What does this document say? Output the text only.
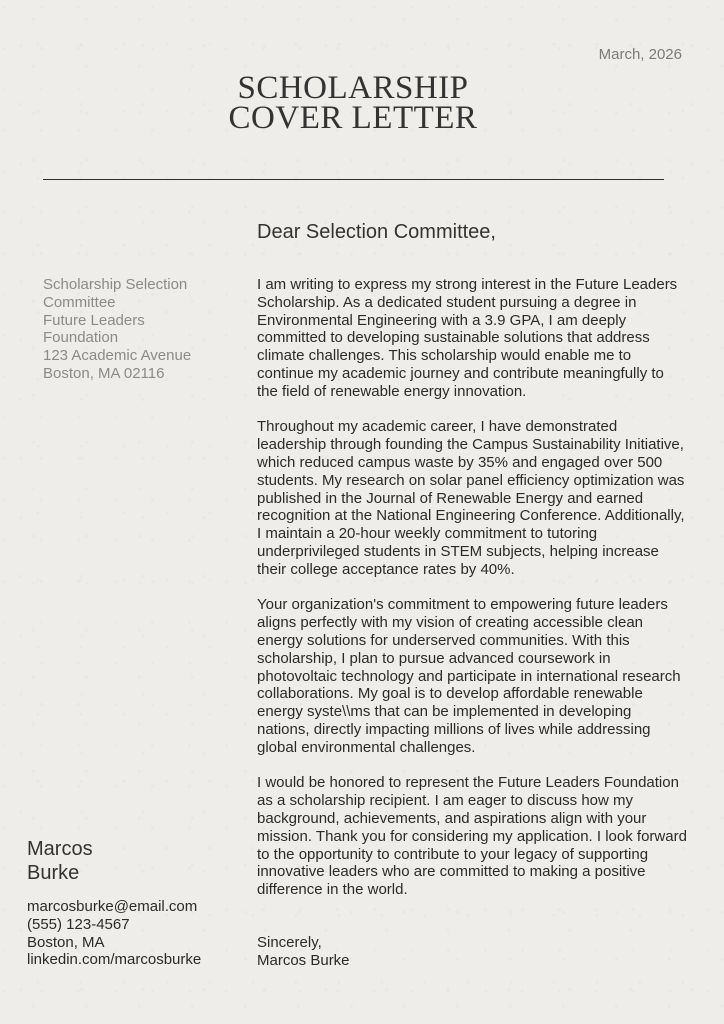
March, 2026
SCHOLARSHIP
COVER LETTER
Scholarship Selection
Committee
Future Leaders
Foundation
123 Academic Avenue
Boston, MA 02116
Dear Selection Committee,

I am writing to express my strong interest in the Future Leaders Scholarship. As a dedicated student pursuing a degree in Environmental Engineering with a 3.9 GPA, I am deeply committed to developing sustainable solutions that address climate challenges. This scholarship would enable me to continue my academic journey and contribute meaningfully to the field of renewable energy innovation.

Throughout my academic career, I have demonstrated leadership through founding the Campus Sustainability Initiative, which reduced campus waste by 35% and engaged over 500 students. My research on solar panel efficiency optimization was published in the Journal of Renewable Energy and earned recognition at the National Engineering Conference. Additionally, I maintain a 20-hour weekly commitment to tutoring underprivileged students in STEM subjects, helping increase their college acceptance rates by 40%.

Your organization's commitment to empowering future leaders aligns perfectly with my vision of creating accessible clean energy solutions for underserved communities. With this scholarship, I plan to pursue advanced coursework in photovoltaic technology and participate in international research collaborations. My goal is to develop affordable renewable energy syste\\ms that can be implemented in developing nations, directly impacting millions of lives while addressing global environmental challenges.

I would be honored to represent the Future Leaders Foundation as a scholarship recipient. I am eager to discuss how my background, achievements, and aspirations align with your mission. Thank you for considering my application. I look forward to the opportunity to contribute to your legacy of supporting innovative leaders who are committed to making a positive difference in the world.

Sincerely,
Marcos Burke
Marcos
Burke
marcosburke@email.com
(555) 123-4567
Boston, MA
linkedin.com/marcosburke
